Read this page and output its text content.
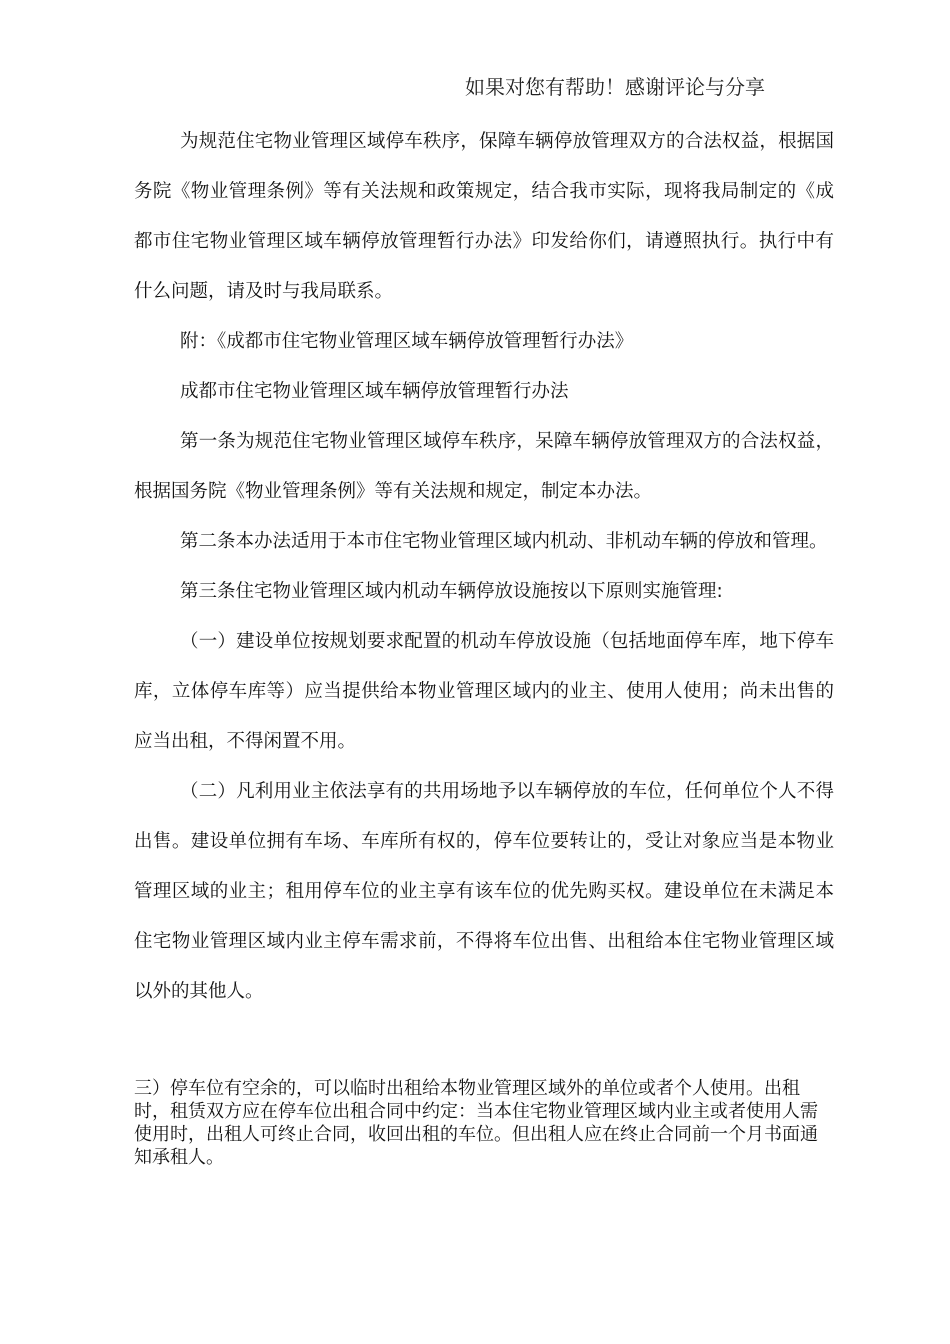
如果对您有帮助！感谢评论与分享

为规范住宅物业管理区域停车秩序，保障车辆停放管理双方的合法权益，根据国务院《物业管理条例》等有关法规和政策规定，结合我市实际，现将我局制定的《成都市住宅物业管理区域车辆停放管理暂行办法》印发给你们，请遵照执行。执行中有什么问题，请及时与我局联系。

附：《成都市住宅物业管理区域车辆停放管理暂行办法》

成都市住宅物业管理区域车辆停放管理暂行办法

第一条为规范住宅物业管理区域停车秩序，呆障车辆停放管理双方的合法权益，根据国务院《物业管理条例》等有关法规和规定，制定本办法。

第二条本办法适用于本市住宅物业管理区域内机动、非机动车辆的停放和管理。

第三条住宅物业管理区域内机动车辆停放设施按以下原则实施管理:

（一）建设单位按规划要求配置的机动车停放设施（包括地面停车库，地下停车库，立体停车库等）应当提供给本物业管理区域内的业主、使用人使用；尚未出售的应当出租，不得闲置不用。

（二）凡利用业主依法享有的共用场地予以车辆停放的车位，任何单位个人不得出售。建设单位拥有车场、车库所有权的，停车位要转让的，受让对象应当是本物业管理区域的业主；租用停车位的业主享有该车位的优先购买权。建设单位在未满足本住宅物业管理区域内业主停车需求前，不得将车位出售、出租给本住宅物业管理区域以外的其他人。

三）停车位有空余的，可以临时出租给本物业管理区域外的单位或者个人使用。出租时，租赁双方应在停车位出租合同中约定：当本住宅物业管理区域内业主或者使用人需使用时，出租人可终止合同，收回出租的车位。但出租人应在终止合同前一个月书面通知承租人。
